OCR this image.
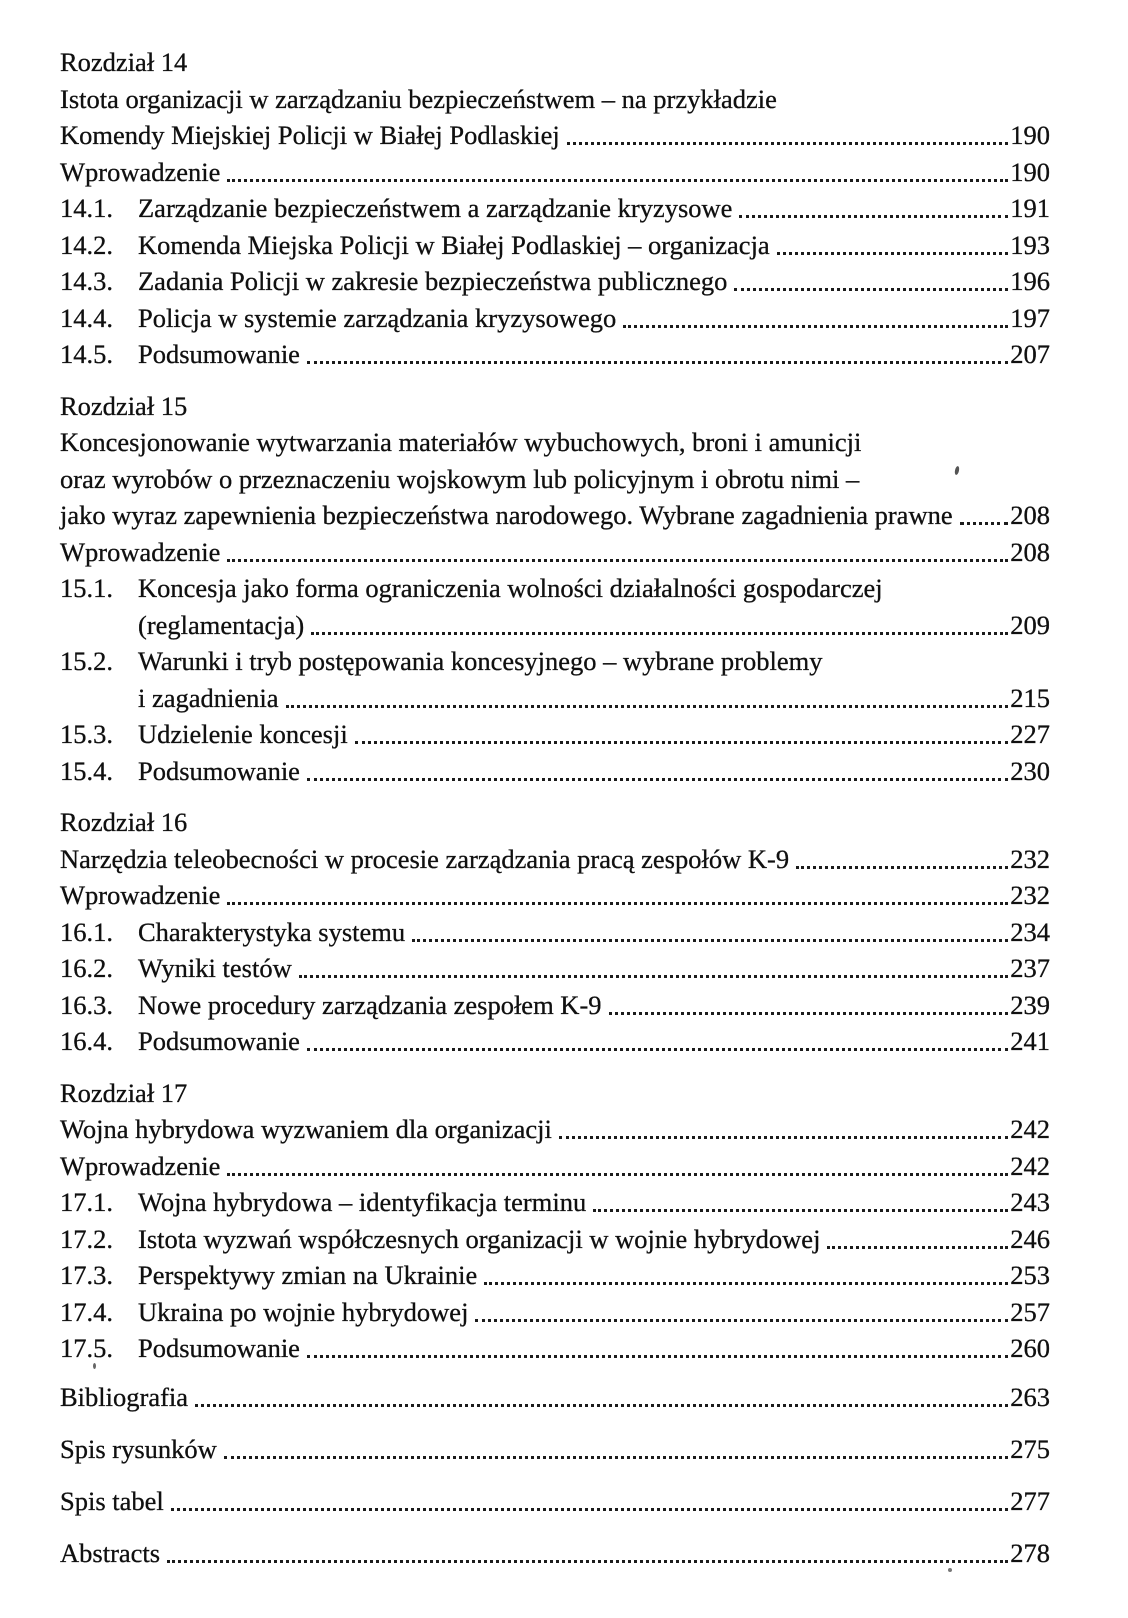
Rozdział 14
Istota organizacji w zarządzaniu bezpieczeństwem – na przykładzie
Komendy Miejskiej Policji w Białej Podlaskiej	190
Wprowadzenie	190
14.1. Zarządzanie bezpieczeństwem a zarządzanie kryzysowe	191
14.2. Komenda Miejska Policji w Białej Podlaskiej – organizacja	193
14.3. Zadania Policji w zakresie bezpieczeństwa publicznego	196
14.4. Policja w systemie zarządzania kryzysowego	197
14.5. Podsumowanie	207
Rozdział 15
Koncesjonowanie wytwarzania materiałów wybuchowych, broni i amunicji
oraz wyrobów o przeznaczeniu wojskowym lub policyjnym i obrotu nimi –
jako wyraz zapewnienia bezpieczeństwa narodowego. Wybrane zagadnienia prawne 208
Wprowadzenie	208
15.1. Koncesja jako forma ograniczenia wolności działalności gospodarczej
(reglamentacja)	209
15.2. Warunki i tryb postępowania koncesyjnego – wybrane problemy
i zagadnienia	215
15.3. Udzielenie koncesji	227
15.4. Podsumowanie	230
Rozdział 16
Narzędzia teleobecności w procesie zarządzania pracą zespołów K-9	232
Wprowadzenie	232
16.1. Charakterystyka systemu	234
16.2. Wyniki testów	237
16.3. Nowe procedury zarządzania zespołem K-9	239
16.4. Podsumowanie	241
Rozdział 17
Wojna hybrydowa wyzwaniem dla organizacji	242
Wprowadzenie	242
17.1. Wojna hybrydowa – identyfikacja terminu	243
17.2. Istota wyzwań współczesnych organizacji w wojnie hybrydowej	246
17.3. Perspektywy zmian na Ukrainie	253
17.4. Ukraina po wojnie hybrydowej	257
17.5. Podsumowanie	260
Bibliografia	263
Spis rysunków	275
Spis tabel	277
Abstracts	278
